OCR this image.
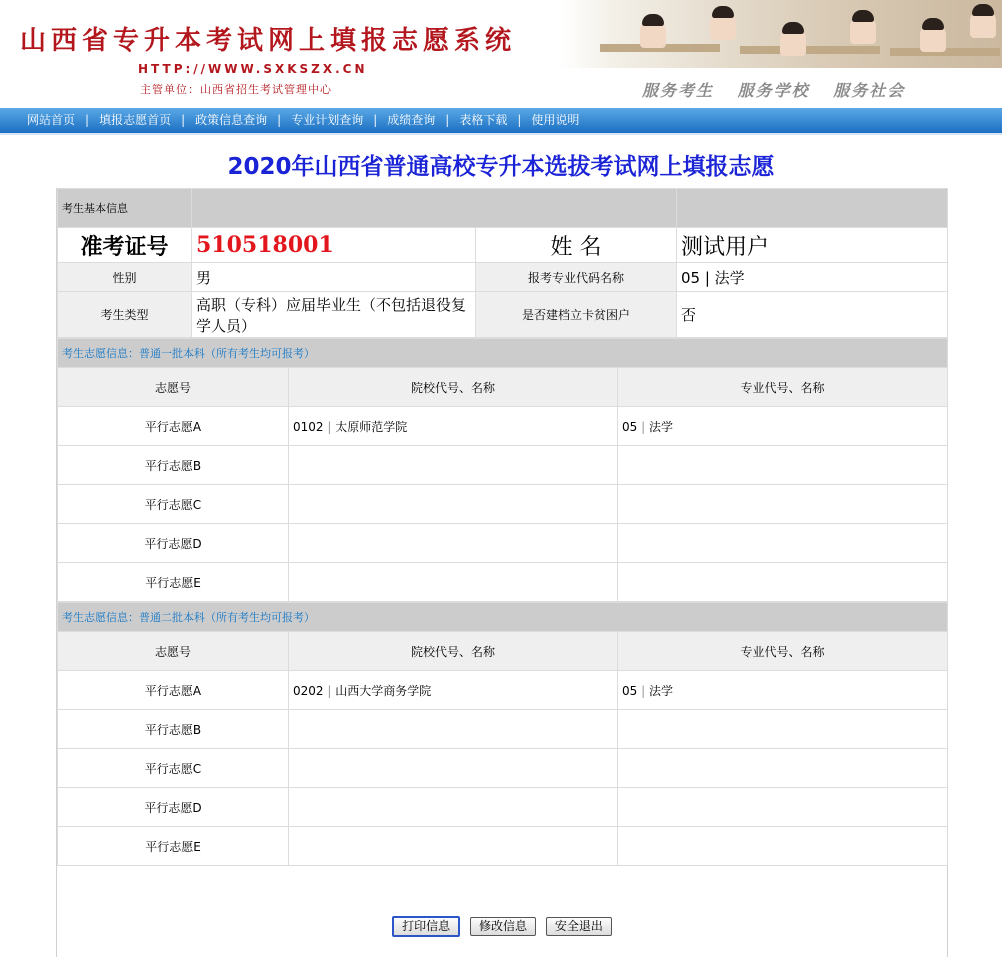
山西省专升本考试网上填报志愿系统
HTTP://WWW.SXKSZX.CN
主管单位：山西省招生考试管理中心	服务考生 服务学校 服务社会
网站首页 | 填报志愿首页 | 政策信息查询 | 专业计划查询 | 成绩查询 | 表格下载 | 使用说明
2020年山西省普通高校专升本选拔考试网上填报志愿
考生基本信息			
准考证号	510518001	姓 名	测试用户
性别	男	报考专业代码名称	05 | 法学
考生类型	高职（专科）应届毕业生（不包括退役复学人员）	是否建档立卡贫困户	否
考生志愿信息：普通一批本科（所有考生均可报考）		
志愿号	院校代号、名称	专业代号、名称
平行志愿A	0102 | 太原师范学院	05 | 法学
平行志愿B		
平行志愿C		
平行志愿D		
平行志愿E		
考生志愿信息：普通二批本科（所有考生均可报考）		
志愿号	院校代号、名称	专业代号、名称
平行志愿A	0202 | 山西大学商务学院	05 | 法学
平行志愿B		
平行志愿C		
平行志愿D		
平行志愿E		
打印信息 修改信息 安全退出
